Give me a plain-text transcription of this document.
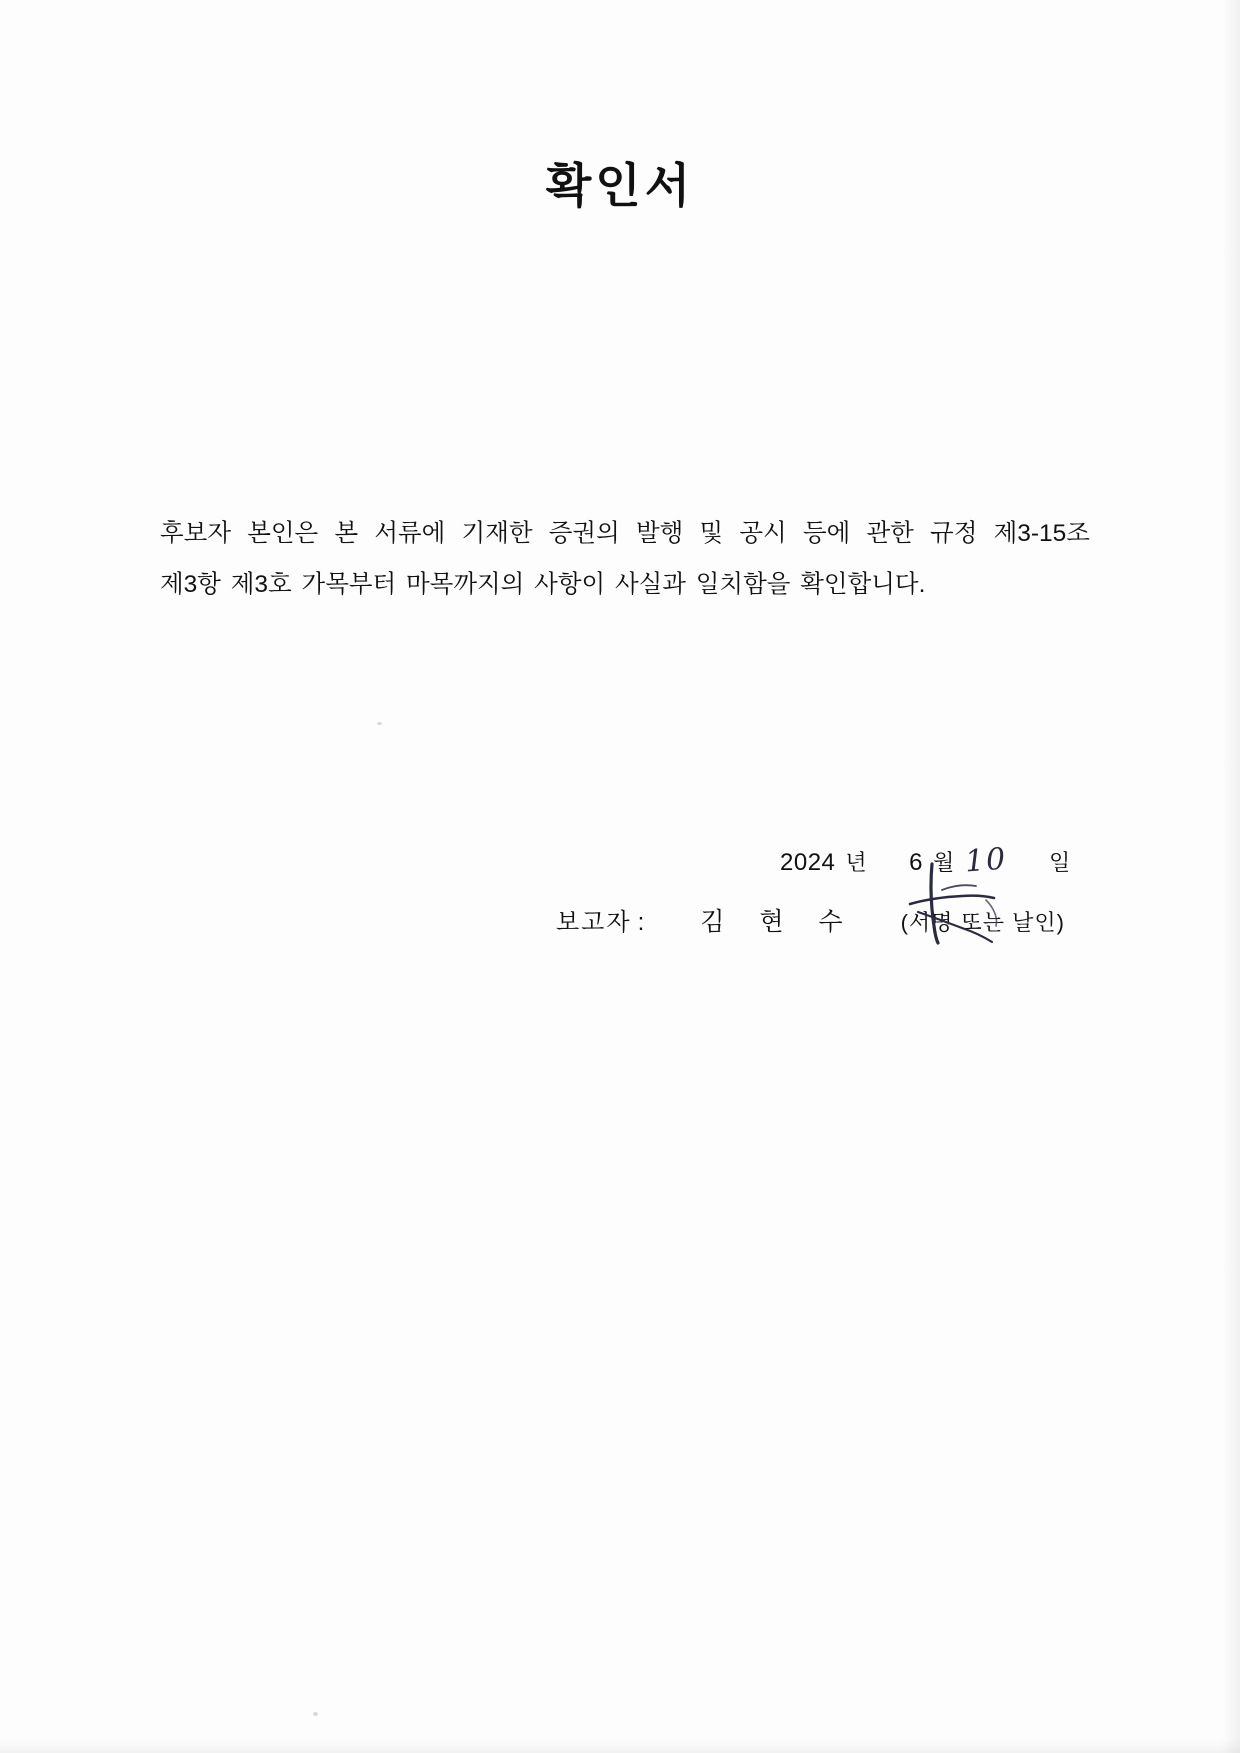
확인서
후보자 본인은 본 서류에 기재한 증권의 발행 및 공시 등에 관한 규정 제3-15조
제3항 제3호 가목부터 마목까지의 사항이 사실과 일치함을 확인합니다.
2024 년 6 월 10 일
보고자 : 김 현 수 (서명 또는 날인)
